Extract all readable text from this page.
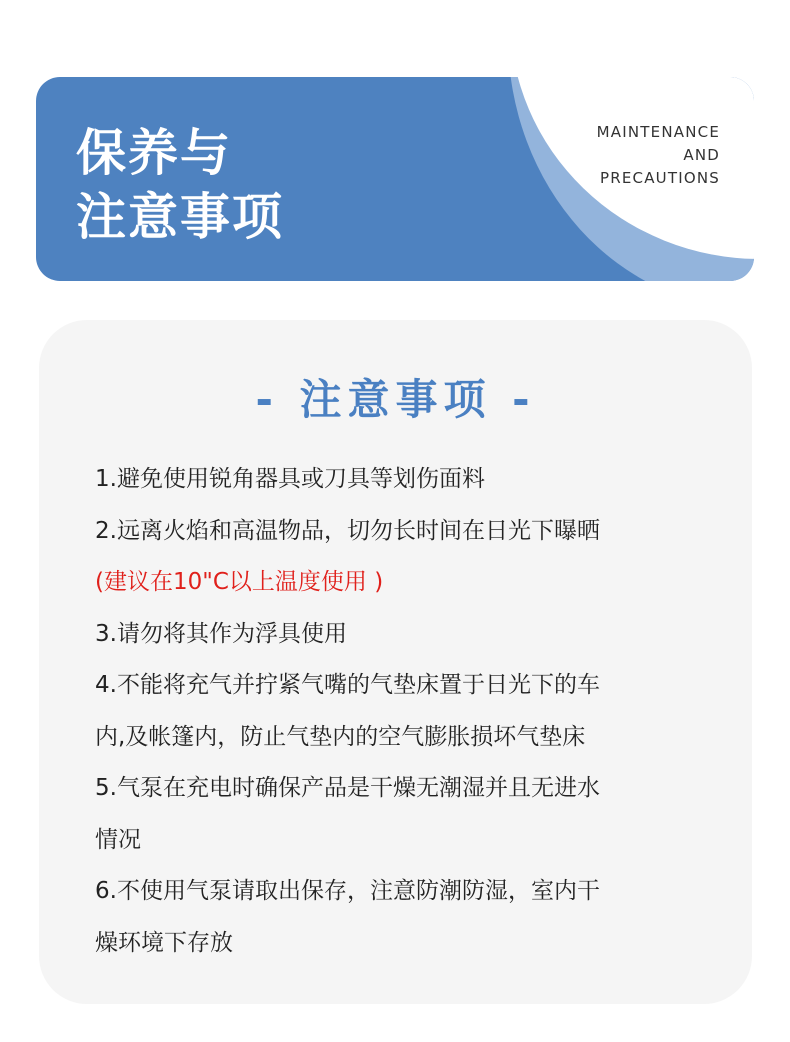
保养与
注意事项
MAINTENANCE
AND
PRECAUTIONS
- 注意事项 -
1.避免使用锐角器具或刀具等划伤面料
2.远离火焰和高温物品，切勿长时间在日光下曝晒
(建议在10"C以上温度使用 )
3.请勿将其作为浮具使用
4.不能将充气并拧紧气嘴的气垫床置于日光下的车
内,及帐篷内，防止气垫内的空气膨胀损坏气垫床
5.气泵在充电时确保产品是干燥无潮湿并且无进水
情况
6.不使用气泵请取出保存，注意防潮防湿，室内干
燥环境下存放
